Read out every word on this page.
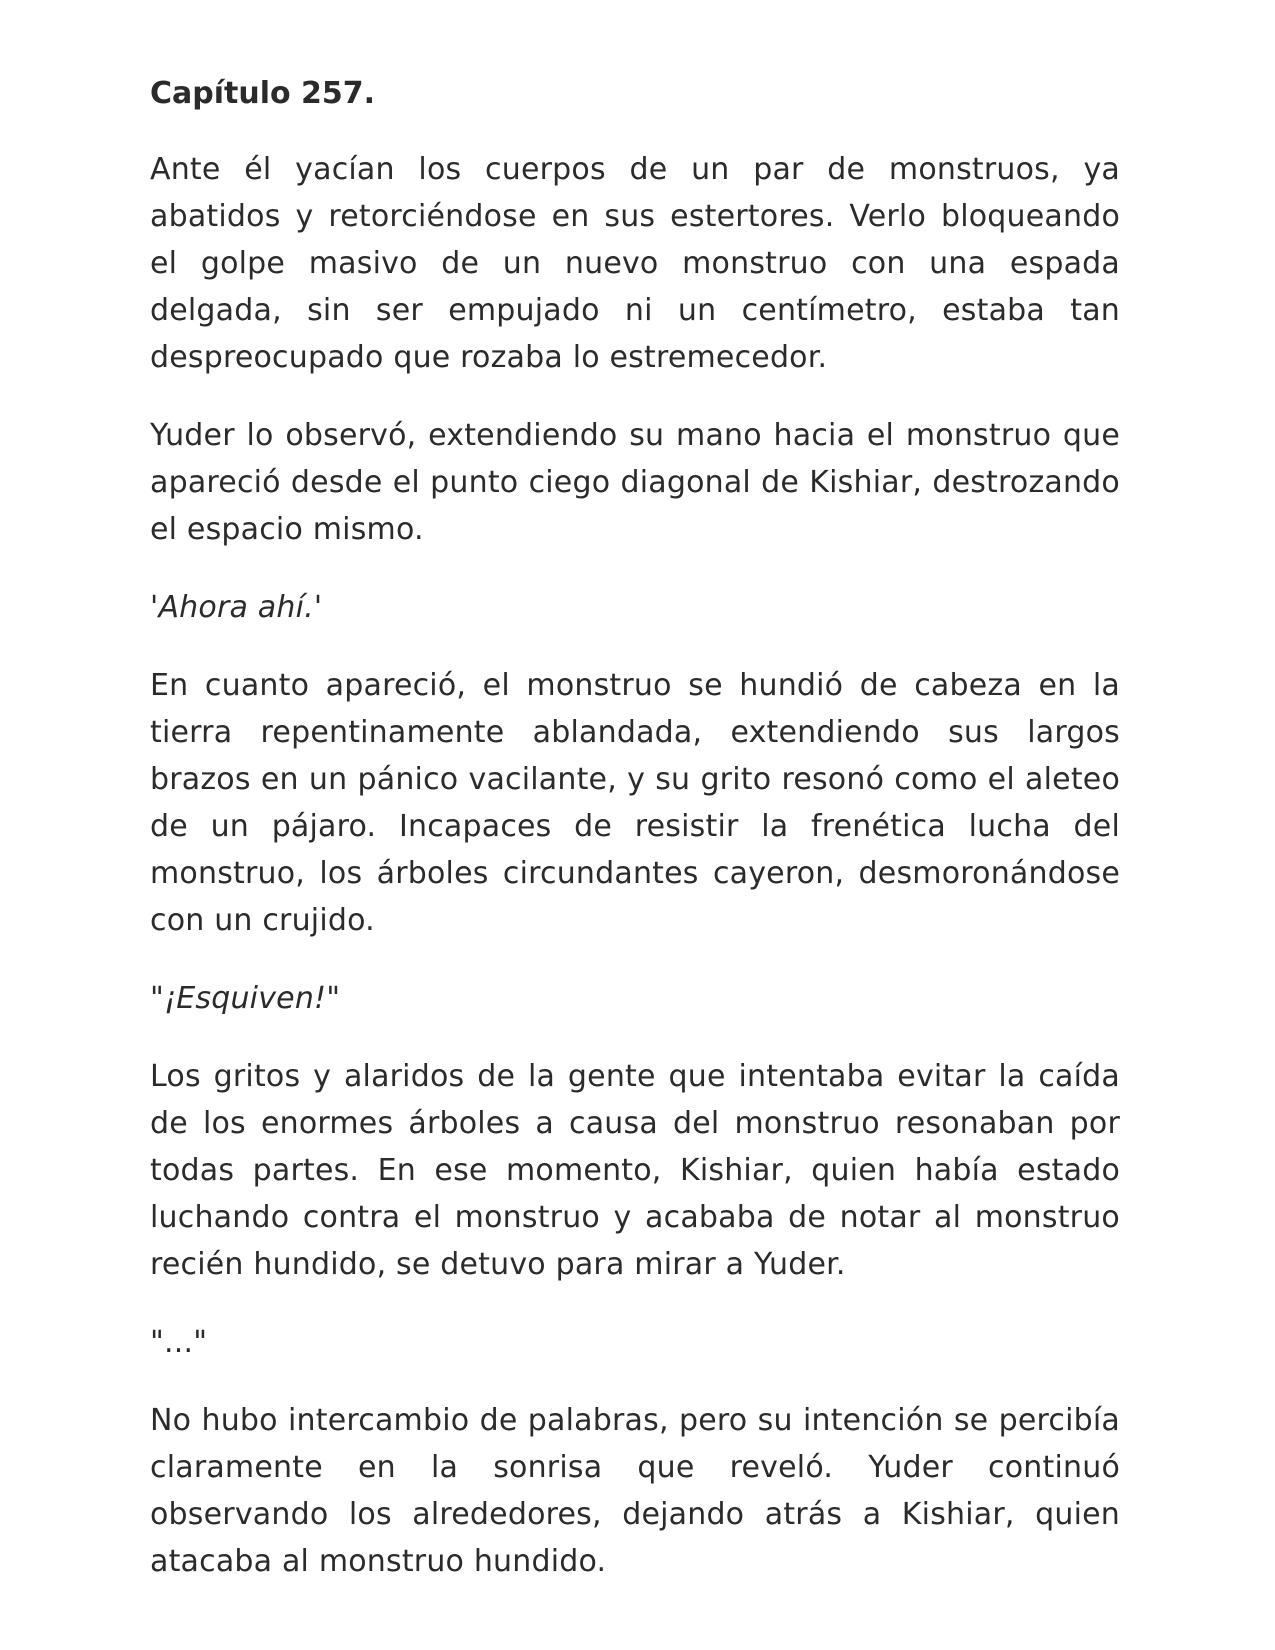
Capítulo 257.

Ante él yacían los cuerpos de un par de monstruos, ya abatidos y retorciéndose en sus estertores. Verlo bloqueando el golpe masivo de un nuevo monstruo con una espada delgada, sin ser empujado ni un centímetro, estaba tan despreocupado que rozaba lo estremecedor.

Yuder lo observó, extendiendo su mano hacia el monstruo que apareció desde el punto ciego diagonal de Kishiar, destrozando el espacio mismo.

'Ahora ahí.'

En cuanto apareció, el monstruo se hundió de cabeza en la tierra repentinamente ablandada, extendiendo sus largos brazos en un pánico vacilante, y su grito resonó como el aleteo de un pájaro. Incapaces de resistir la frenética lucha del monstruo, los árboles circundantes cayeron, desmoronándose con un crujido.

"¡Esquiven!"

Los gritos y alaridos de la gente que intentaba evitar la caída de los enormes árboles a causa del monstruo resonaban por todas partes. En ese momento, Kishiar, quien había estado luchando contra el monstruo y acababa de notar al monstruo recién hundido, se detuvo para mirar a Yuder.

"..."

No hubo intercambio de palabras, pero su intención se percibía claramente en la sonrisa que reveló. Yuder continuó observando los alrededores, dejando atrás a Kishiar, quien atacaba al monstruo hundido.
